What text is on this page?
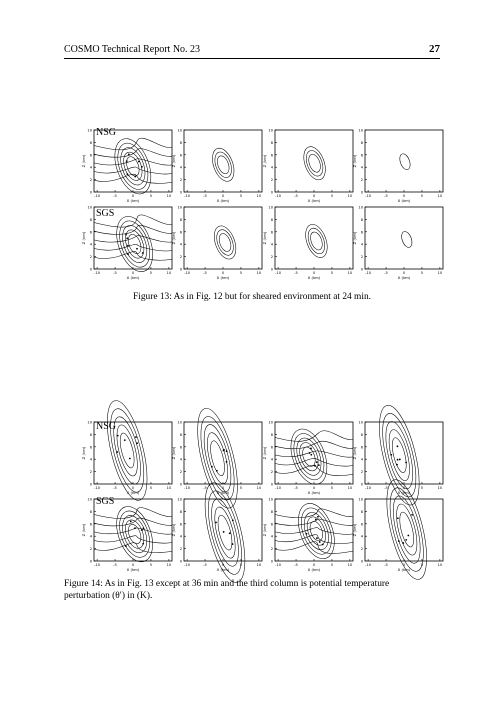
COSMO Technical Report No. 23	27
0
2
4
6
8
10
-10	-5	0	5	10
X (km)
Z (km)
0
2
4
6
8
10
-10	-5	0	5	10
X (km)
Z (km)
0
2
4
6
8
10
-10	-5	0	5	10
X (km)
Z (km)
0
2
4
6
8
10
-10	-5	0	5	10
X (km)
Z (km)
0
2
4
6
8
10
-10	-5	0	5	10
X (km)
Z (km)
0
2
4
6
8
10
-10	-5	0	5	10
X (km)
Z (km)
0
2
4
6
8
10
-10	-5	0	5	10
X (km)
Z (km)
0
2
4
6
8
10
-10	-5	0	5	10
X (km)
Z (km)
NSG
SGS
Figure 13: As in Fig. 12 but for sheared environment at 24 min.
0
2
4
6
8
10
-10	-5	0	5	10
X (km)
Z (km)
0
2
4
6
8
10
-10	-5	0	5	10
X (km)
Z (km)
0
2
4
6
8
10
-10	-5	0	5	10
X (km)
Z (km)
0
2
4
6
8
10
-10	-5	0	5	10
X (km)
Z (km)
0
2
4
6
8
10
-10	-5	0	5	10
X (km)
Z (km)
0
2
4
6
8
10
-10	-5	0	5	10
X (km)
Z (km)
0
2
4
6
8
10
-10	-5	0	5	10
X (km)
Z (km)
0
2
4
6
8
10
-10	-5	0	5	10
X (km)
Z (km)
NSG
SGS
Figure 14: As in Fig. 13 except at 36 min and the third column is potential temperature
perturbation (θ′) in (K).
